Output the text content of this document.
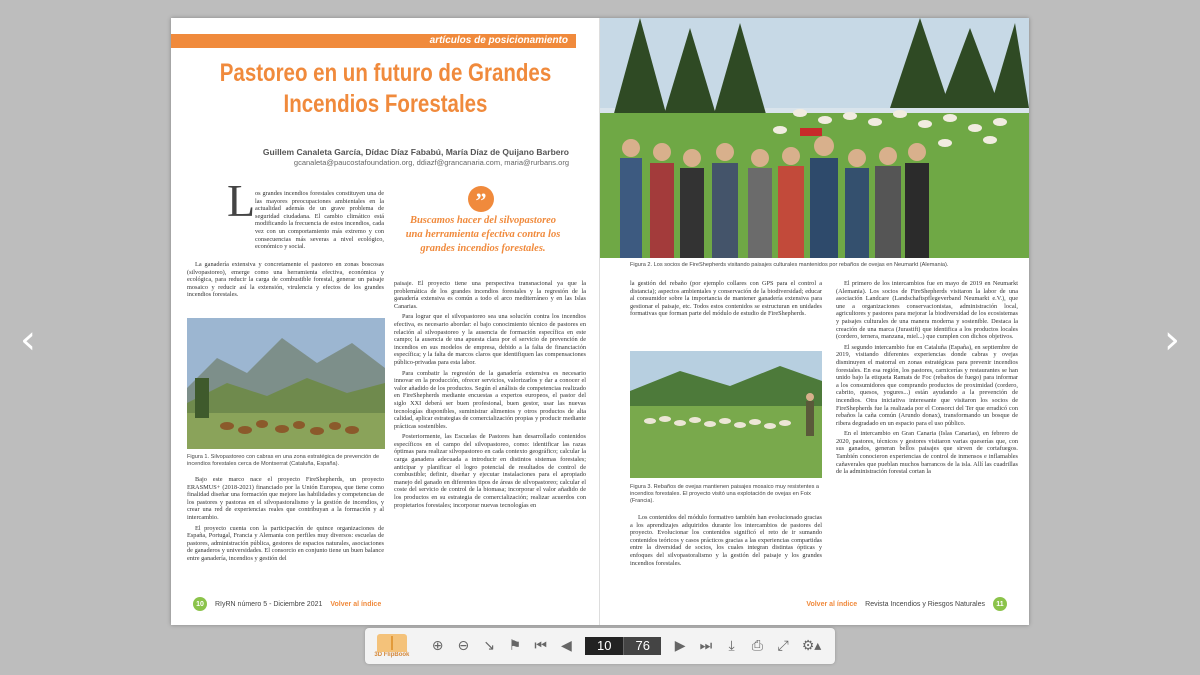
‹	›
artículos de posicionamiento
Pastoreo en un futuro de Grandes
Incendios Forestales
Guillem Canaleta García, Dídac Díaz Fababú, María Díaz de Quijano Barbero
gcanaleta@paucostafoundation.org, ddiazf@grancanaria.com, maria@rurbans.org
L os grandes incendios forestales constituyen una de las mayores preocupaciones ambientales en la actualidad además de un grave problema de seguridad ciudadana. El cambio climático está modificando la frecuencia de estos incendios, cada vez con un comportamiento más extremo y con consecuencias más severas a nivel ecológico, económico y social.

La ganadería extensiva y concretamente el pastoreo en zonas boscosas (silvopastoreo), emerge como una herramienta efectiva, económica y ecológica, para reducir la carga de combustible forestal, generar un paisaje mosaico y reducir así la extensión, virulencia y efectos de los grandes incendios forestales.

Figura 1. Silvopastoreo con cabras en una zona estratégica de prevención de incendios forestales cerca de Montserrat (Cataluña, España).

Bajo este marco nace el proyecto FireShepherds, un proyecto ERASMUS+ (2018-2021) financiado por la Unión Europea, que tiene como finalidad diseñar una formación que mejore las habilidades y competencias de los pastores y pastoras en el silvopastoralismo y la gestión de incendios, y crear una red de experiencias reales que contribuyan a la formación y al intercambio.

El proyecto cuenta con la participación de quince organizaciones de España, Portugal, Francia y Alemania con perfiles muy diversos: escuelas de pastores, administración pública, gestores de espacios naturales, asociaciones de ganaderos y universidades. El consorcio en conjunto tiene un buen balance entre ganadería, incendios y gestión del

”
Buscamos hacer del silvopastoreo una herramienta efectiva contra los grandes incendios forestales.

paisaje. El proyecto tiene una perspectiva transnacional ya que la problemática de los grandes incendios forestales y la regresión de la ganadería extensiva es común a todo el arco mediterráneo y en las Islas Canarias.

Para lograr que el silvopastoreo sea una solución contra los incendios efectiva, es necesario abordar: el bajo conocimiento técnico de pastores en relación al silvopastoreo y la ausencia de formación específica en este campo; la ausencia de una apuesta clara por el servicio de prevención de incendios en sus modelos de empresa, debido a la falta de financiación específica; y la falta de marcos claros que identifiquen las compensaciones público-privadas para esta labor.

Para combatir la regresión de la ganadería extensiva es necesario innovar en la producción, ofrecer servicios, valorizarlos y dar a conocer el valor añadido de los productos. Según el análisis de competencias realizado en FireShepherds mediante encuestas a expertos europeos, el pastor del siglo XXI deberá ser buen profesional, buen gestor, usar las nuevas tecnologías disponibles, suministrar alimentos y otros productos de alta calidad, aplicar estrategias de comercialización propias y producir mediante prácticas sostenibles.

Posteriormente, las Escuelas de Pastores han desarrollado contenidos específicos en el campo del silvopastoreo, como: identificar las razas óptimas para realizar silvopastoreo en cada contexto geográfico; calcular la carga ganadera adecuada a introducir en distintos sistemas forestales; anticipar y planificar el logro potencial de resultados de control de combustible; definir, diseñar y ejecutar instalaciones para el apropiado manejo del ganado en diferentes tipos de áreas de silvopastoreo; calcular el coste del servicio de control de la biomasa; incorporar el valor añadido de los productos en su estrategia de comercialización; realizar acuerdos con propietarios forestales; incorporar nuevas tecnologías en

10	RIyRN número 5 - Diciembre 2021 Volver al índice
Figura 2. Los socios de FireShepherds visitando paisajes culturales mantenidos por rebaños de ovejas en Neumarkt (Alemania).

la gestión del rebaño (por ejemplo collares con GPS para el control a distancia); aspectos ambientales y conservación de la biodiversidad; educar al consumidor sobre la importancia de mantener ganadería extensiva para gestionar el paisaje, etc. Todos estos contenidos se estructuran en unidades formativas que forman parte del módulo de estudio de FireShepherds.

Figura 3. Rebaños de ovejas mantienen paisajes mosaico muy resistentes a incendios forestales. El proyecto visitó una explotación de ovejas en Foix (Francia).

Los contenidos del módulo formativo también han evolucionado gracias a los aprendizajes adquiridos durante los intercambios de pastores del proyecto. Evolucionar los contenidos significó el reto de ir sumando contenidos teóricos y casos prácticos gracias a las experiencias compartidas entre la diversidad de socios, los cuales integran distintas ópticas y enfoques del silvopastoralismo y la gestión del paisaje y los grandes incendios forestales.

El primero de los intercambios fue en mayo de 2019 en Neumarkt (Alemania). Los socios de FireShepherds visitaron la labor de una asociación Landcare (Landschaftspflegeverband Neumarkt e.V.), que une a organizaciones conservacionistas, administración local, agricultores y pastores para mejorar la biodiversidad de los ecosistemas y paisajes culturales de una manera moderna y sostenible. Destaca la creación de una marca (Jurastift) que identifica a los productos locales (cordero, ternera, manzana, miel...) que cumplen con dichos objetivos.

El segundo intercambio fue en Cataluña (España), en septiembre de 2019, visitando diferentes experiencias donde cabras y ovejas disminuyen el matorral en zonas estratégicas para prevenir incendios forestales. En esa región, los pastores, carnicerías y restaurantes se han unido bajo la etiqueta Ramats de Foc (rebaños de fuego) para informar a los consumidores que comprando productos de proximidad (cordero, cabrito, quesos, yogures...) están ayudando a la prevención de incendios. Otra iniciativa interesante que visitaron los socios de FireShepherds fue la realizada por el Consorci del Ter que erradicó con rebaños la caña común (Arundo donax), transformando un bosque de ribera degradado en un espacio para el uso público.

En el intercambio en Gran Canaria (Islas Canarias), en febrero de 2020, pastores, técnicos y gestores visitaron varias queserías que, con sus ganados, generan bellos paisajes que sirven de cortafuegos. También conocieron experiencias de control de inmensos e inflamables cañaverales que pueblan muchos barrancos de la isla. Allí las cuadrillas de la administración forestal cortan la

Volver al índice Revista Incendios y Riesgos Naturales	11
3D FlipBook
⊕	⊖	↘ ⚑ ⏮	◀	10	76	▶	⏭	⤓	⎙	⤢ ⚙▴
